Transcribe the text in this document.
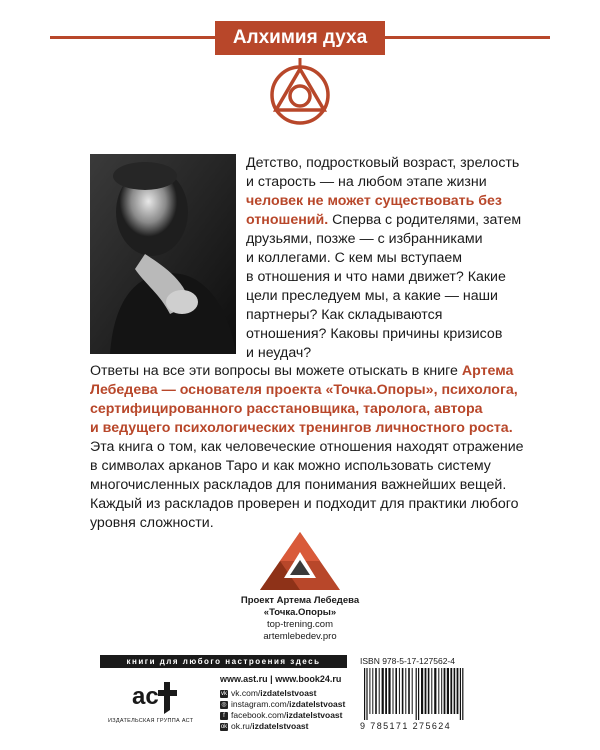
Алхимия духа
Детство, подростковый возраст, зрелость
и старость — на любом этапе жизни
человек не может существовать без
отношений. Сперва с родителями, затем
друзьями, позже — с избранниками
и коллегами. С кем мы вступаем
в отношения и что нами движет? Какие
цели преследуем мы, а какие — наши
партнеры? Как складываются
отношения? Каковы причины кризисов
и неудач?
Ответы на все эти вопросы вы можете отыскать в книге Артема
Лебедева — основателя проекта «Точка.Опоры», психолога,
сертифицированного расстановщика, таролога, автора
и ведущего психологических тренингов личностного роста.
Эта книга о том, как человеческие отношения находят отражение
в символах арканов Таро и как можно использовать систему
многочисленных раскладов для понимания важнейших вещей.
Каждый из раскладов проверен и подходит для практики любого
уровня сложности.
Проект Артема Лебедева
«Точка.Опоры»
top-trening.com
artemlebedev.pro
книги для любого настроения здесь
ас
ИЗДАТЕЛЬСКАЯ ГРУППА АСТ
www.ast.ru | www.book24.ru
vk vk.com/izdatelstvoast
◎ instagram.com/izdatelstvoast
f facebook.com/izdatelstvoast
ok ok.ru/izdatelstvoast
ISBN 978-5-17-127562-4
9 785171 275624
